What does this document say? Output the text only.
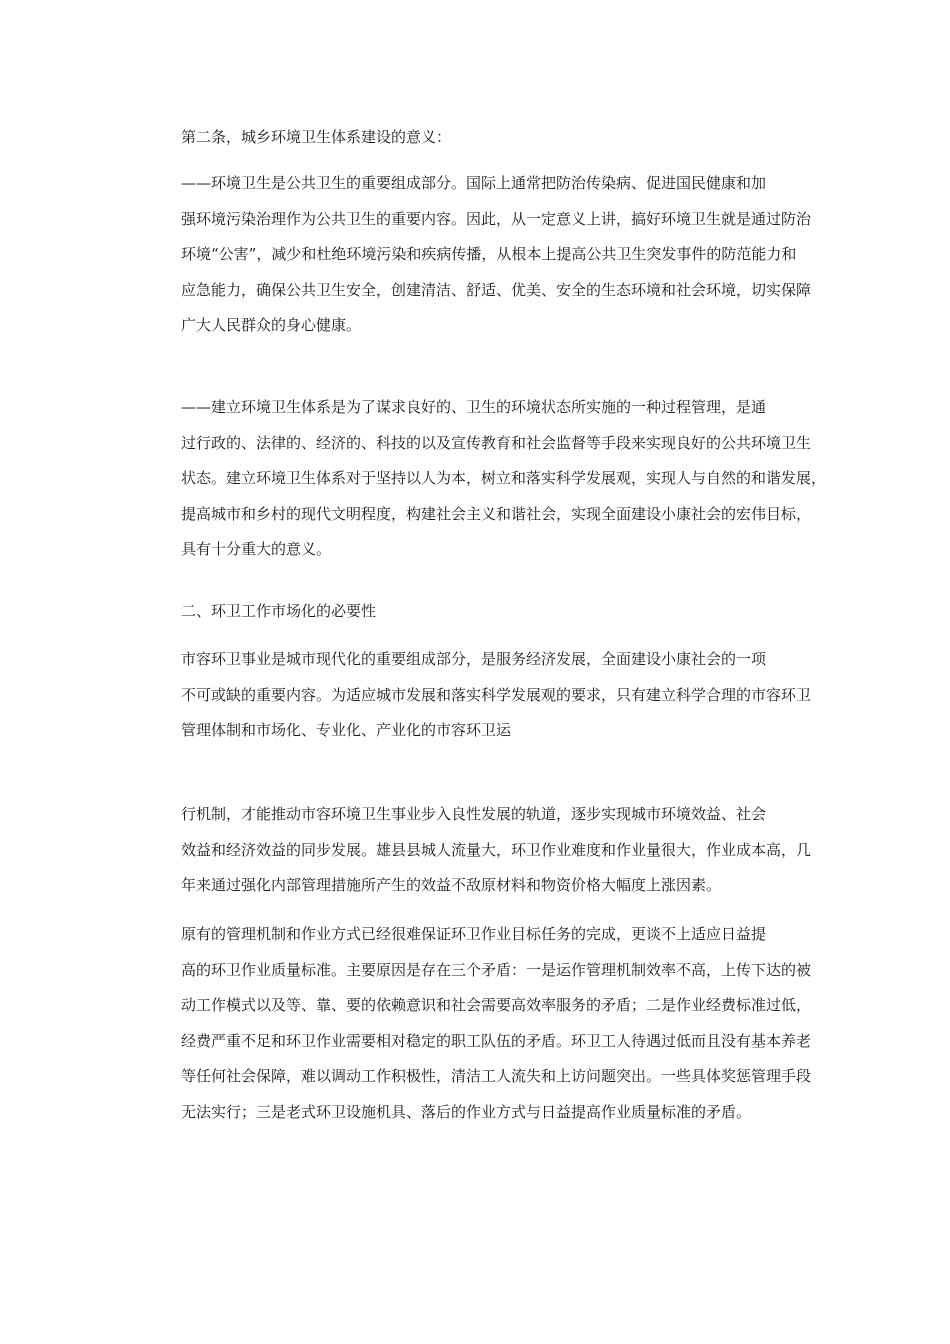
第二条，城乡环境卫生体系建设的意义：

——环境卫生是公共卫生的重要组成部分。国际上通常把防治传染病、促进国民健康和加
强环境污染治理作为公共卫生的重要内容。因此，从一定意义上讲，搞好环境卫生就是通过防治
环境“公害”，减少和杜绝环境污染和疾病传播，从根本上提高公共卫生突发事件的防范能力和
应急能力，确保公共卫生安全，创建清洁、舒适、优美、安全的生态环境和社会环境，切实保障
广大人民群众的身心健康。

——建立环境卫生体系是为了谋求良好的、卫生的环境状态所实施的一种过程管理，是通
过行政的、法律的、经济的、科技的以及宣传教育和社会监督等手段来实现良好的公共环境卫生
状态。建立环境卫生体系对于坚持以人为本，树立和落实科学发展观，实现人与自然的和谐发展，
提高城市和乡村的现代文明程度，构建社会主义和谐社会，实现全面建设小康社会的宏伟目标，
具有十分重大的意义。

二、环卫工作市场化的必要性

市容环卫事业是城市现代化的重要组成部分，是服务经济发展，全面建设小康社会的一项
不可或缺的重要内容。为适应城市发展和落实科学发展观的要求，只有建立科学合理的市容环卫
管理体制和市场化、专业化、产业化的市容环卫运

行机制，才能推动市容环境卫生事业步入良性发展的轨道，逐步实现城市环境效益、社会
效益和经济效益的同步发展。雄县县城人流量大，环卫作业难度和作业量很大，作业成本高，几
年来通过强化内部管理措施所产生的效益不敌原材料和物资价格大幅度上涨因素。

原有的管理机制和作业方式已经很难保证环卫作业目标任务的完成，更谈不上适应日益提
高的环卫作业质量标准。主要原因是存在三个矛盾：一是运作管理机制效率不高，上传下达的被
动工作模式以及等、靠、要的依赖意识和社会需要高效率服务的矛盾；二是作业经费标准过低，
经费严重不足和环卫作业需要相对稳定的职工队伍的矛盾。环卫工人待遇过低而且没有基本养老
等任何社会保障，难以调动工作积极性，清洁工人流失和上访问题突出。一些具体奖惩管理手段
无法实行；三是老式环卫设施机具、落后的作业方式与日益提高作业质量标准的矛盾。
